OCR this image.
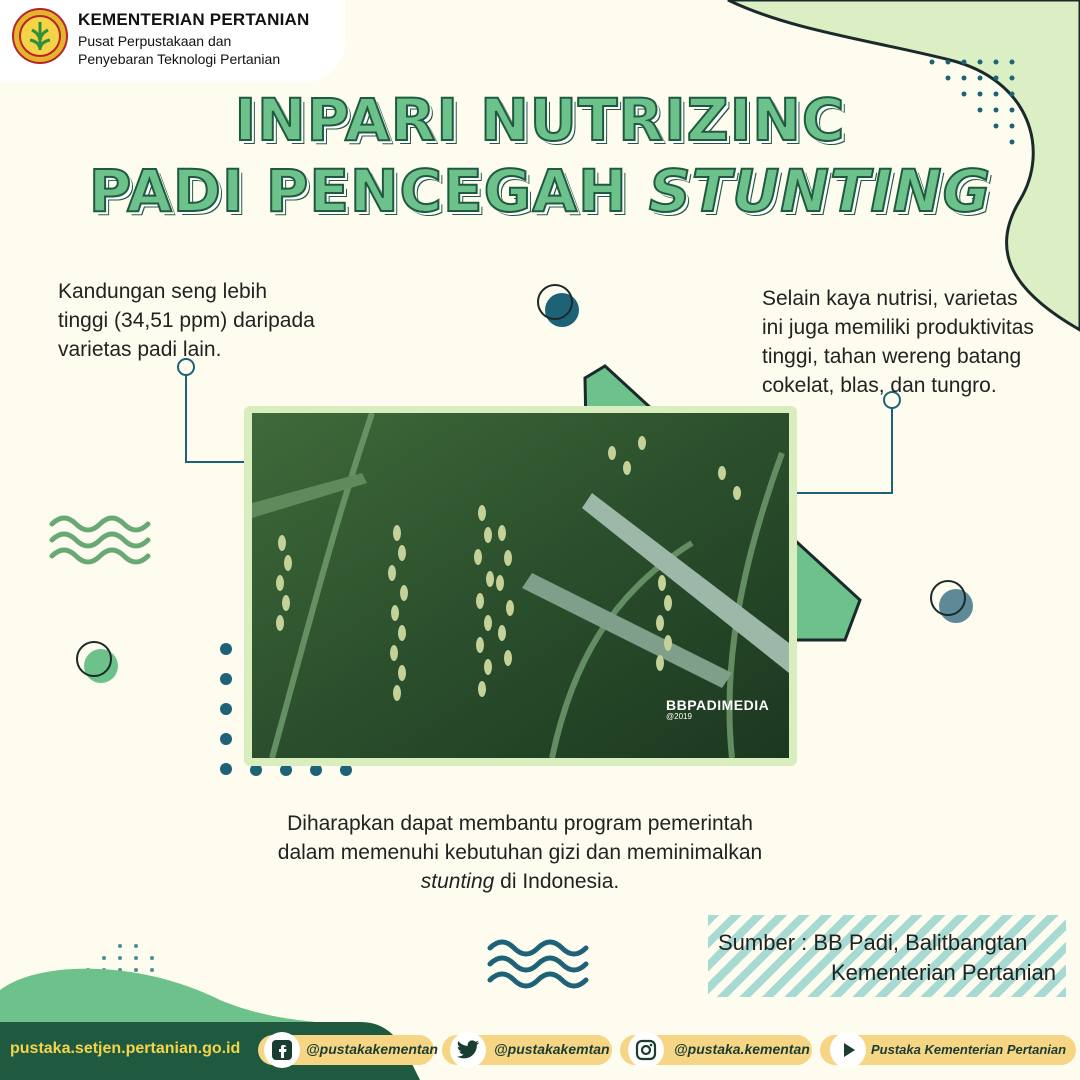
KEMENTERIAN PERTANIAN
Pusat Perpustakaan dan
Penyebaran Teknologi Pertanian
INPARI NUTRIZINC
PADI PENCEGAH STUNTING
Kandungan seng lebih
tinggi (34,51 ppm) daripada
varietas padi lain.
Selain kaya nutrisi, varietas
ini juga memiliki produktivitas
tinggi, tahan wereng batang
cokelat, blas, dan tungro.
BBPADIMEDIA
@2019
Diharapkan dapat membantu program pemerintah
dalam memenuhi kebutuhan gizi dan meminimalkan
stunting di Indonesia.
Sumber : BB Padi, Balitbangtan
Kementerian Pertanian
pustaka.setjen.pertanian.go.id	@pustakakementan	@pustakakemtan	@pustaka.kementan	Pustaka Kementerian Pertanian
